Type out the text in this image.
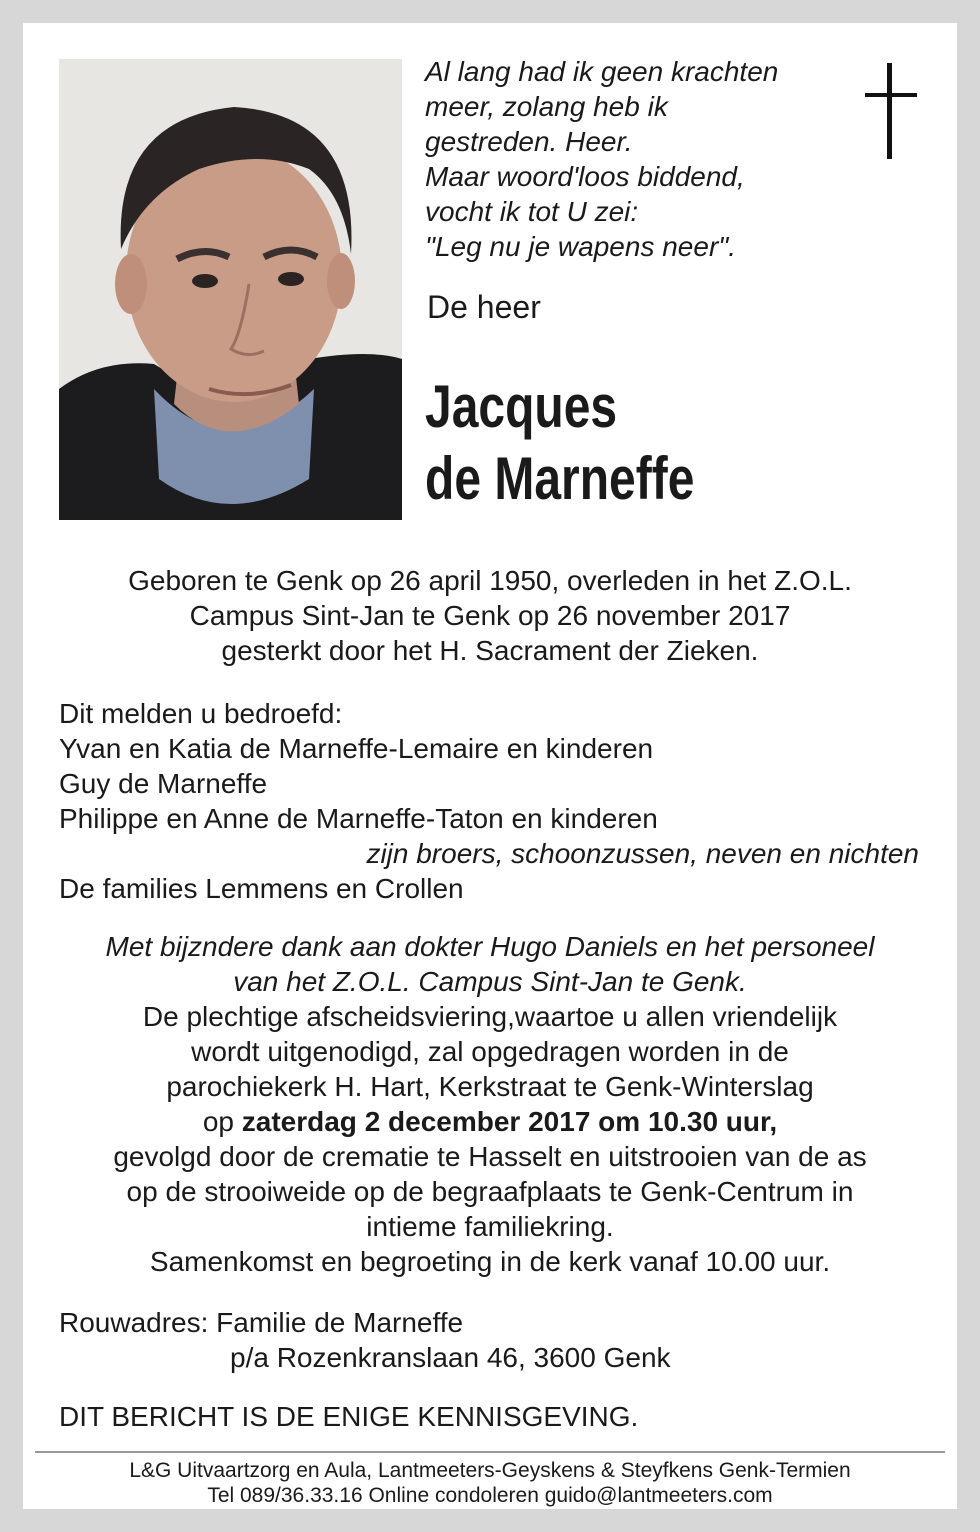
Al lang had ik geen krachten
meer, zolang heb ik
gestreden. Heer.
Maar woord'loos biddend,
vocht ik tot U zei:
"Leg nu je wapens neer".
De heer
Jacques
de Marneffe
Geboren te Genk op 26 april 1950, overleden in het Z.O.L.
Campus Sint-Jan te Genk op 26 november 2017
gesterkt door het H. Sacrament der Zieken.
Dit melden u bedroefd:
Yvan en Katia de Marneffe-Lemaire en kinderen
Guy de Marneffe
Philippe en Anne de Marneffe-Taton en kinderen
zijn broers, schoonzussen, neven en nichten
De families Lemmens en Crollen
Met bijzndere dank aan dokter Hugo Daniels en het personeel
van het Z.O.L. Campus Sint-Jan te Genk.
De plechtige afscheidsviering,waartoe u allen vriendelijk
wordt uitgenodigd, zal opgedragen worden in de
parochiekerk H. Hart, Kerkstraat te Genk-Winterslag
op zaterdag 2 december 2017 om 10.30 uur,
gevolgd door de crematie te Hasselt en uitstrooien van de as
op de strooiweide op de begraafplaats te Genk-Centrum in
intieme familiekring.
Samenkomst en begroeting in de kerk vanaf 10.00 uur.
Rouwadres: Familie de Marneffe
p/a Rozenkranslaan 46, 3600 Genk
DIT BERICHT IS DE ENIGE KENNISGEVING.
L&G Uitvaartzorg en Aula, Lantmeeters-Geyskens & Steyfkens Genk-Termien
Tel 089/36.33.16 Online condoleren guido@lantmeeters.com
